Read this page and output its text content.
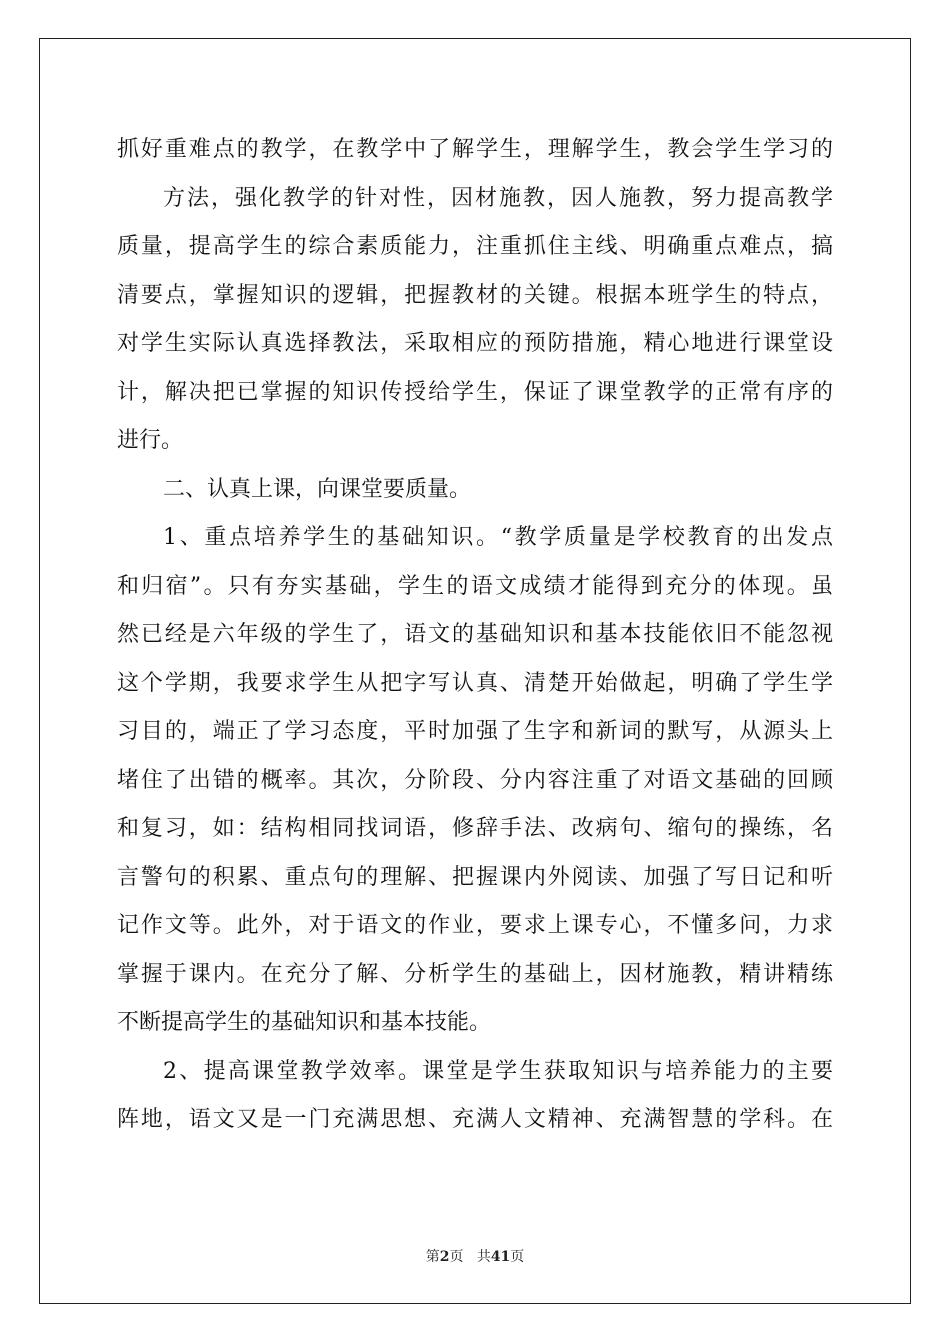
抓好重难点的教学，在教学中了解学生，理解学生，教会学生学习的
方法，强化教学的针对性，因材施教，因人施教，努力提高教学
质量，提高学生的综合素质能力，注重抓住主线、明确重点难点，搞
清要点，掌握知识的逻辑，把握教材的关键。根据本班学生的特点，
对学生实际认真选择教法，采取相应的预防措施，精心地进行课堂设
计，解决把已掌握的知识传授给学生，保证了课堂教学的正常有序的
进行。
二、认真上课，向课堂要质量。
1、重点培养学生的基础知识。“教学质量是学校教育的出发点
和归宿”。只有夯实基础，学生的语文成绩才能得到充分的体现。虽
然已经是六年级的学生了，语文的基础知识和基本技能依旧不能忽视
这个学期，我要求学生从把字写认真、清楚开始做起，明确了学生学
习目的，端正了学习态度，平时加强了生字和新词的默写，从源头上
堵住了出错的概率。其次，分阶段、分内容注重了对语文基础的回顾
和复习，如：结构相同找词语，修辞手法、改病句、缩句的操练，名
言警句的积累、重点句的理解、把握课内外阅读、加强了写日记和听
记作文等。此外，对于语文的作业，要求上课专心，不懂多问，力求
掌握于课内。在充分了解、分析学生的基础上，因材施教，精讲精练
不断提高学生的基础知识和基本技能。
2、提高课堂教学效率。课堂是学生获取知识与培养能力的主要
阵地，语文又是一门充满思想、充满人文精神、充满智慧的学科。在
第2页 共41页
